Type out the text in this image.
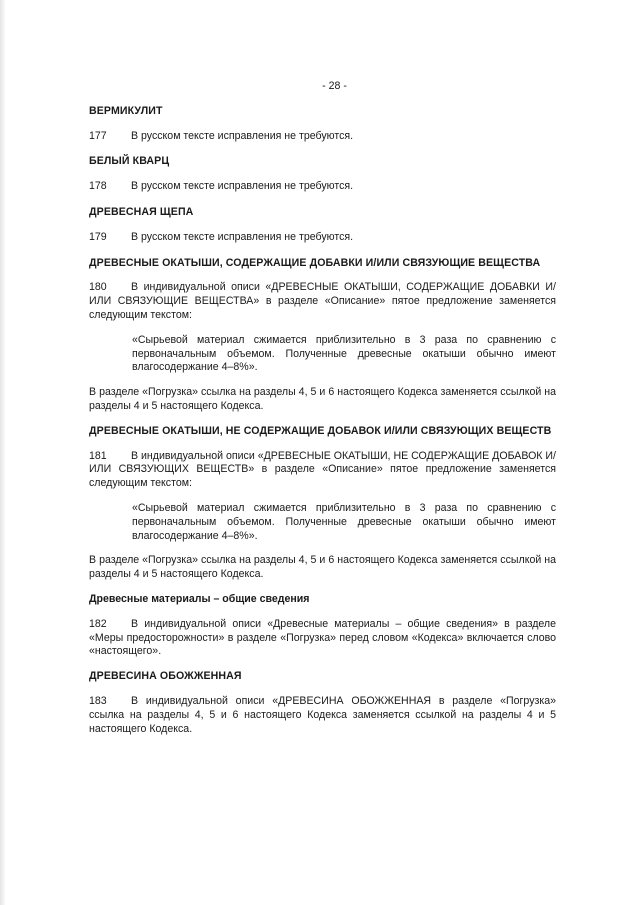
- 28 -
ВЕРМИКУЛИТ
177 В русском тексте исправления не требуются.
БЕЛЫЙ КВАРЦ
178 В русском тексте исправления не требуются.
ДРЕВЕСНАЯ ЩЕПА
179 В русском тексте исправления не требуются.
ДРЕВЕСНЫЕ ОКАТЫШИ, СОДЕРЖАЩИЕ ДОБАВКИ И/ИЛИ СВЯЗУЮЩИЕ ВЕЩЕСТВА
180 В индивидуальной описи «ДРЕВЕСНЫЕ ОКАТЫШИ, СОДЕРЖАЩИЕ ДОБАВКИ И/ИЛИ СВЯЗУЮЩИЕ ВЕЩЕСТВА» в разделе «Описание» пятое предложение заменяется следующим текстом:
«Сырьевой материал сжимается приблизительно в 3 раза по сравнению с первоначальным объемом. Полученные древесные окатыши обычно имеют влагосодержание 4–8%».
В разделе «Погрузка» ссылка на разделы 4, 5 и 6 настоящего Кодекса заменяется ссылкой на разделы 4 и 5 настоящего Кодекса.
ДРЕВЕСНЫЕ ОКАТЫШИ, НЕ СОДЕРЖАЩИЕ ДОБАВОК И/ИЛИ СВЯЗУЮЩИХ ВЕЩЕСТВ
181 В индивидуальной описи «ДРЕВЕСНЫЕ ОКАТЫШИ, НЕ СОДЕРЖАЩИЕ ДОБАВОК И/ИЛИ СВЯЗУЮЩИХ ВЕЩЕСТВ» в разделе «Описание» пятое предложение заменяется следующим текстом:
«Сырьевой материал сжимается приблизительно в 3 раза по сравнению с первоначальным объемом. Полученные древесные окатыши обычно имеют влагосодержание 4–8%».
В разделе «Погрузка» ссылка на разделы 4, 5 и 6 настоящего Кодекса заменяется ссылкой на разделы 4 и 5 настоящего Кодекса.
Древесные материалы – общие сведения
182 В индивидуальной описи «Древесные материалы – общие сведения» в разделе «Меры предосторожности» в разделе «Погрузка» перед словом «Кодекса» включается слово «настоящего».
ДРЕВЕСИНА ОБОЖЖЕННАЯ
183 В индивидуальной описи «ДРЕВЕСИНА ОБОЖЖЕННАЯ в разделе «Погрузка» ссылка на разделы 4, 5 и 6 настоящего Кодекса заменяется ссылкой на разделы 4 и 5 настоящего Кодекса.
